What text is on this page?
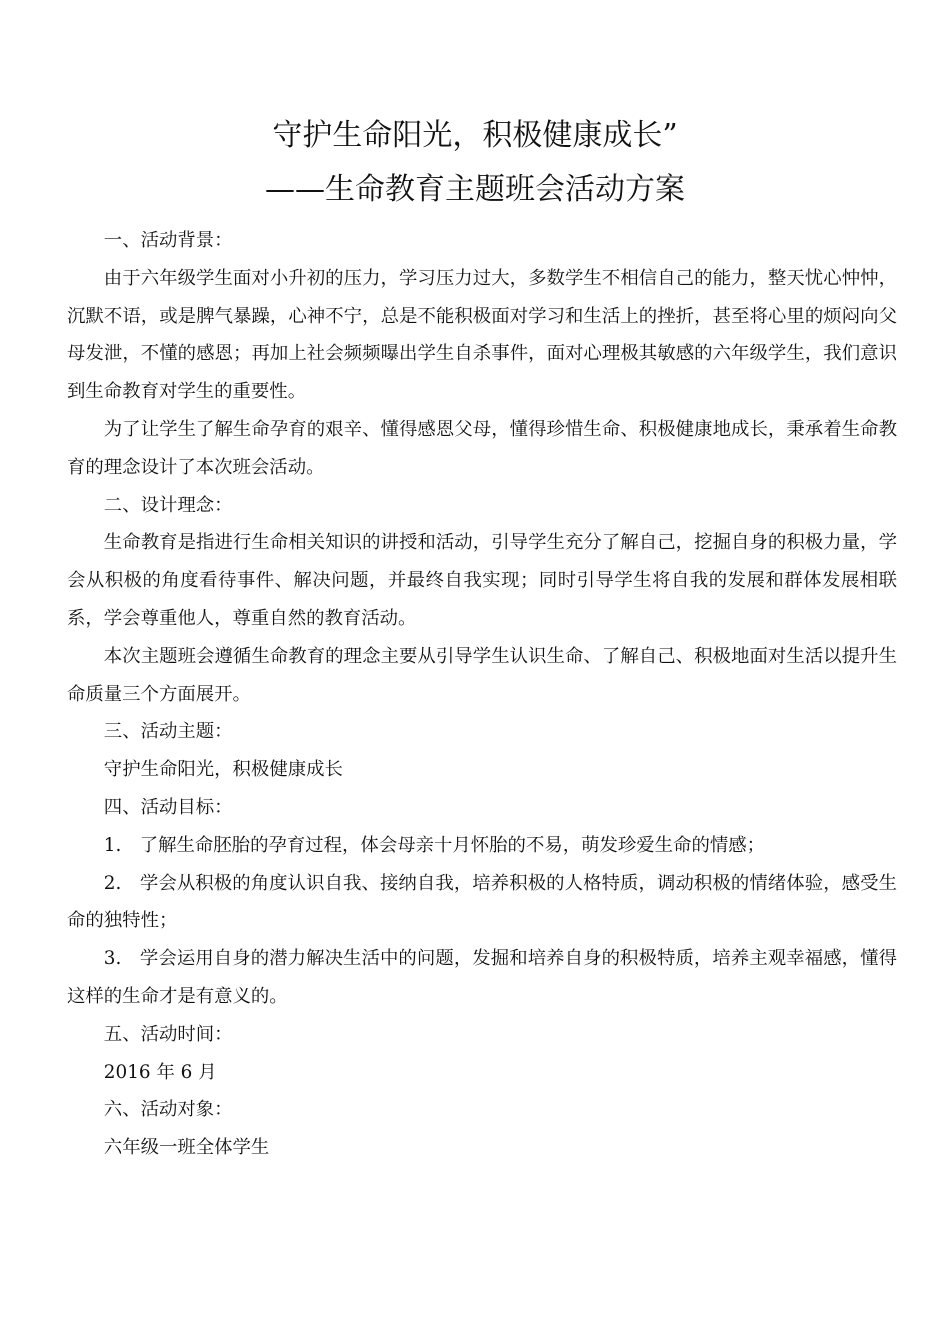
守护生命阳光，积极健康成长”
——生命教育主题班会活动方案

一、活动背景：

由于六年级学生面对小升初的压力，学习压力过大，多数学生不相信自己的能力，整天忧心忡忡，沉默不语，或是脾气暴躁，心神不宁，总是不能积极面对学习和生活上的挫折，甚至将心里的烦闷向父母发泄，不懂的感恩；再加上社会频频曝出学生自杀事件，面对心理极其敏感的六年级学生，我们意识到生命教育对学生的重要性。

为了让学生了解生命孕育的艰辛、懂得感恩父母，懂得珍惜生命、积极健康地成长，秉承着生命教育的理念设计了本次班会活动。

二、设计理念：

生命教育是指进行生命相关知识的讲授和活动，引导学生充分了解自己，挖掘自身的积极力量，学会从积极的角度看待事件、解决问题，并最终自我实现；同时引导学生将自我的发展和群体发展相联系，学会尊重他人，尊重自然的教育活动。

本次主题班会遵循生命教育的理念主要从引导学生认识生命、了解自己、积极地面对生活以提升生命质量三个方面展开。

三、活动主题：

守护生命阳光，积极健康成长

四、活动目标：

1.　了解生命胚胎的孕育过程，体会母亲十月怀胎的不易，萌发珍爱生命的情感；

2.　学会从积极的角度认识自我、接纳自我，培养积极的人格特质，调动积极的情绪体验，感受生命的独特性；

3.　学会运用自身的潜力解决生活中的问题，发掘和培养自身的积极特质，培养主观幸福感，懂得这样的生命才是有意义的。

五、活动时间：

2016 年 6 月

六、活动对象：

六年级一班全体学生
